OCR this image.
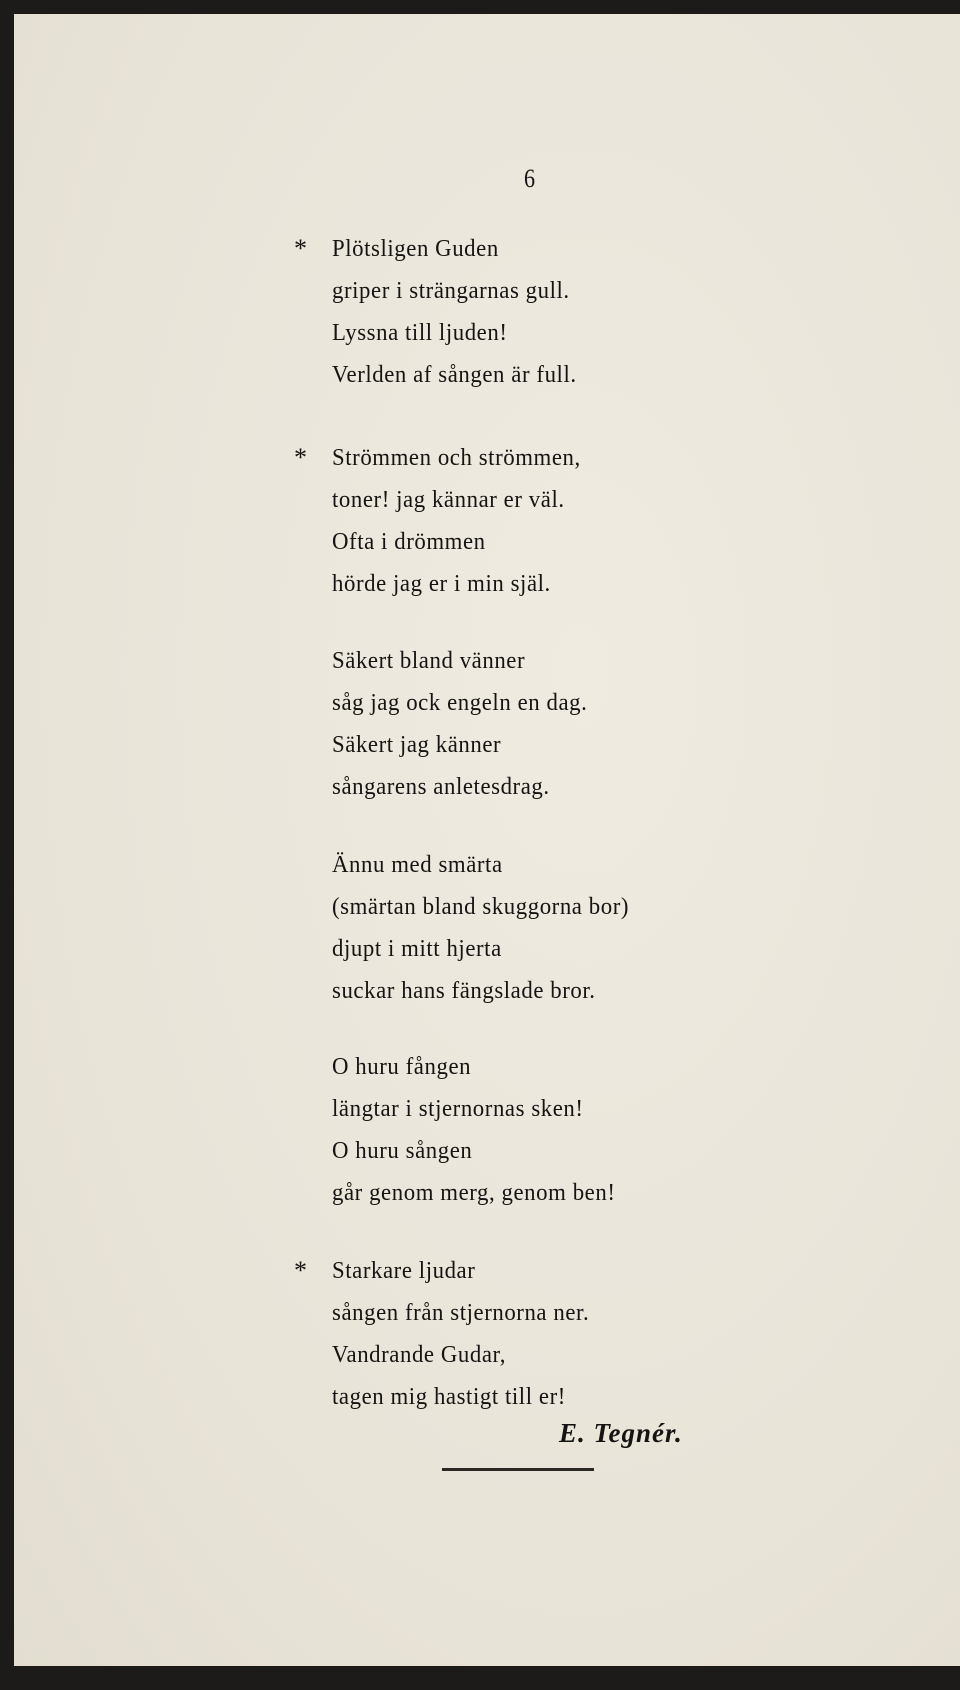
6
* Plötsligen Guden
griper i strängarnas gull.
Lyssna till ljuden!
Verlden af sången är full.
* Strömmen och strömmen,
toner! jag kännar er väl.
Ofta i drömmen
hörde jag er i min själ.
Säkert bland vänner
såg jag ock engeln en dag.
Säkert jag känner
sångarens anletesdrag.
Ännu med smärta
(smärtan bland skuggorna bor)
djupt i mitt hjerta
suckar hans fängslade bror.
O huru fången
längtar i stjernornas sken!
O huru sången
går genom merg, genom ben!
* Starkare ljudar
sången från stjernorna ner.
Vandrande Gudar,
tagen mig hastigt till er!
E. Tegnér.
